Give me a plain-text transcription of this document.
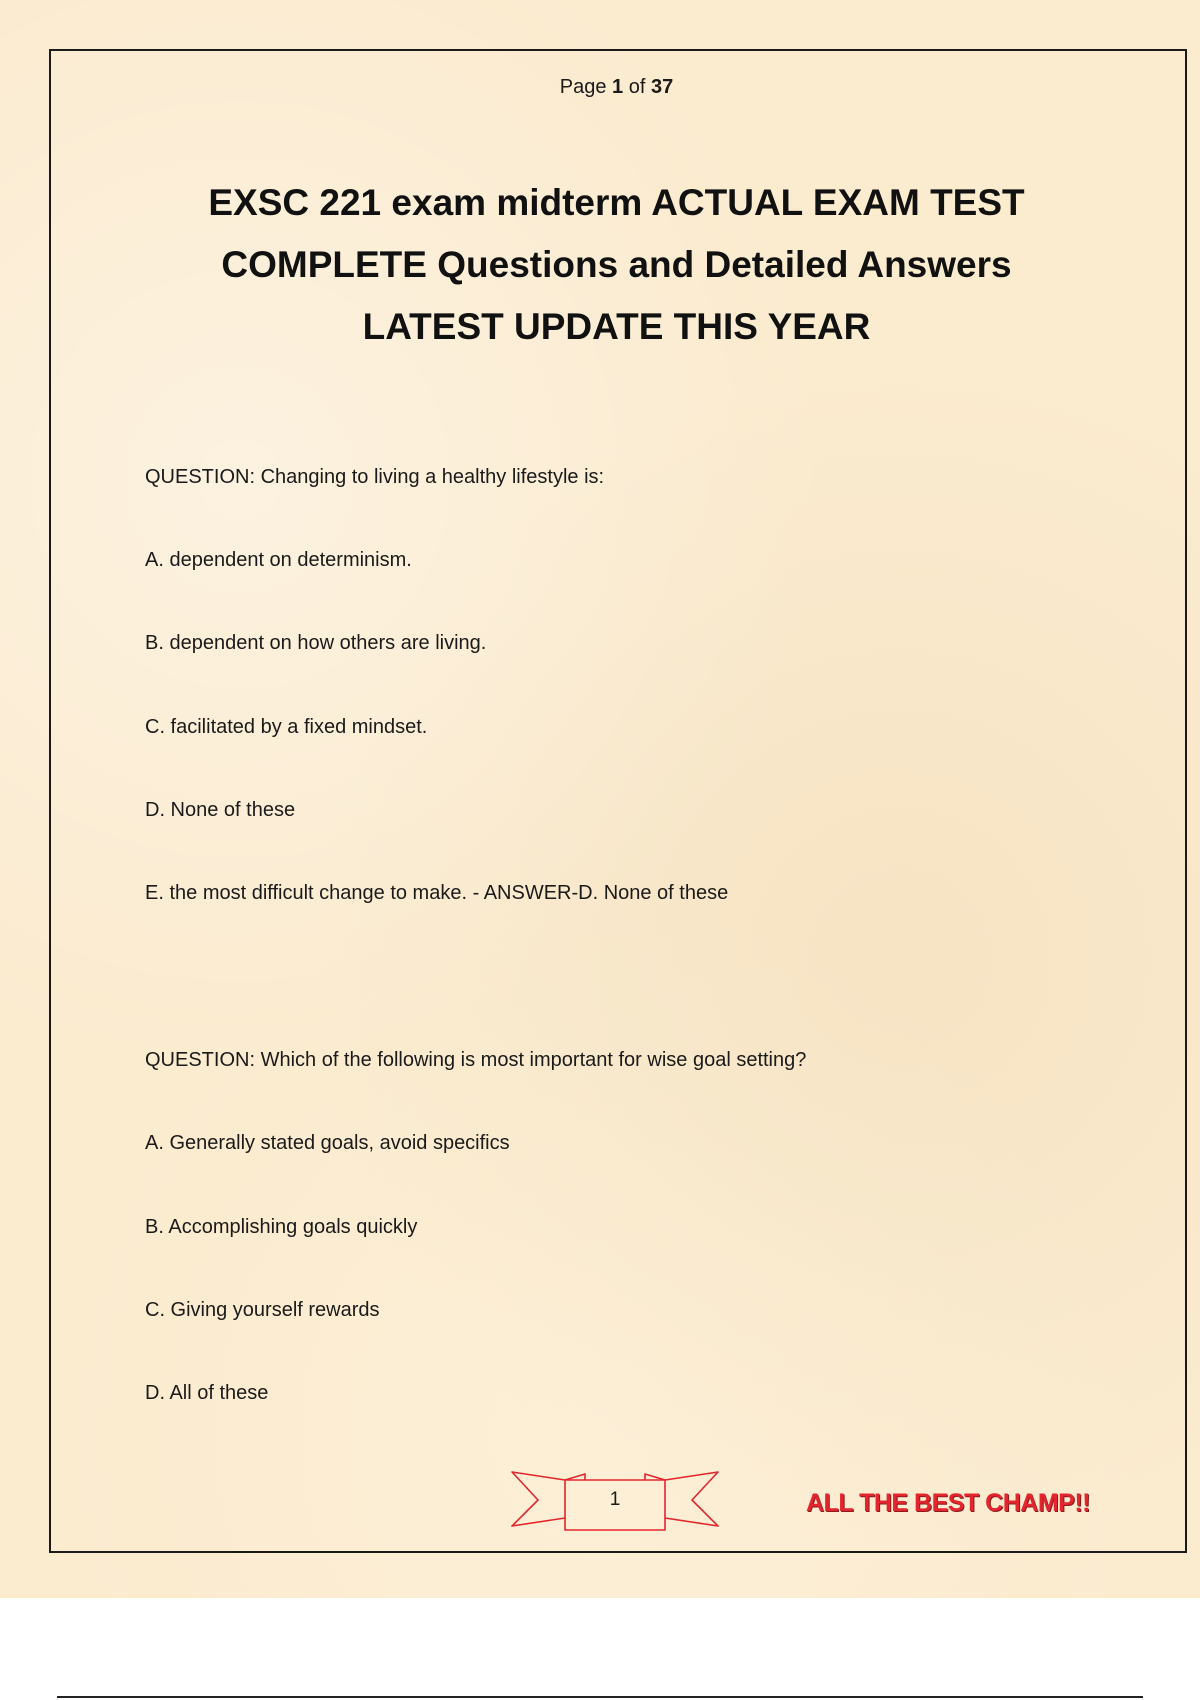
Page 1 of 37
EXSC 221 exam midterm ACTUAL EXAM TEST
COMPLETE Questions and Detailed Answers
LATEST UPDATE THIS YEAR
QUESTION: Changing to living a healthy lifestyle is:
A. dependent on determinism.
B. dependent on how others are living.
C. facilitated by a fixed mindset.
D. None of these
E. the most difficult change to make. - ANSWER-D. None of these
QUESTION: Which of the following is most important for wise goal setting?
A. Generally stated goals, avoid specifics
B. Accomplishing goals quickly
C. Giving yourself rewards
D. All of these
1	ALL THE BEST CHAMP!!
